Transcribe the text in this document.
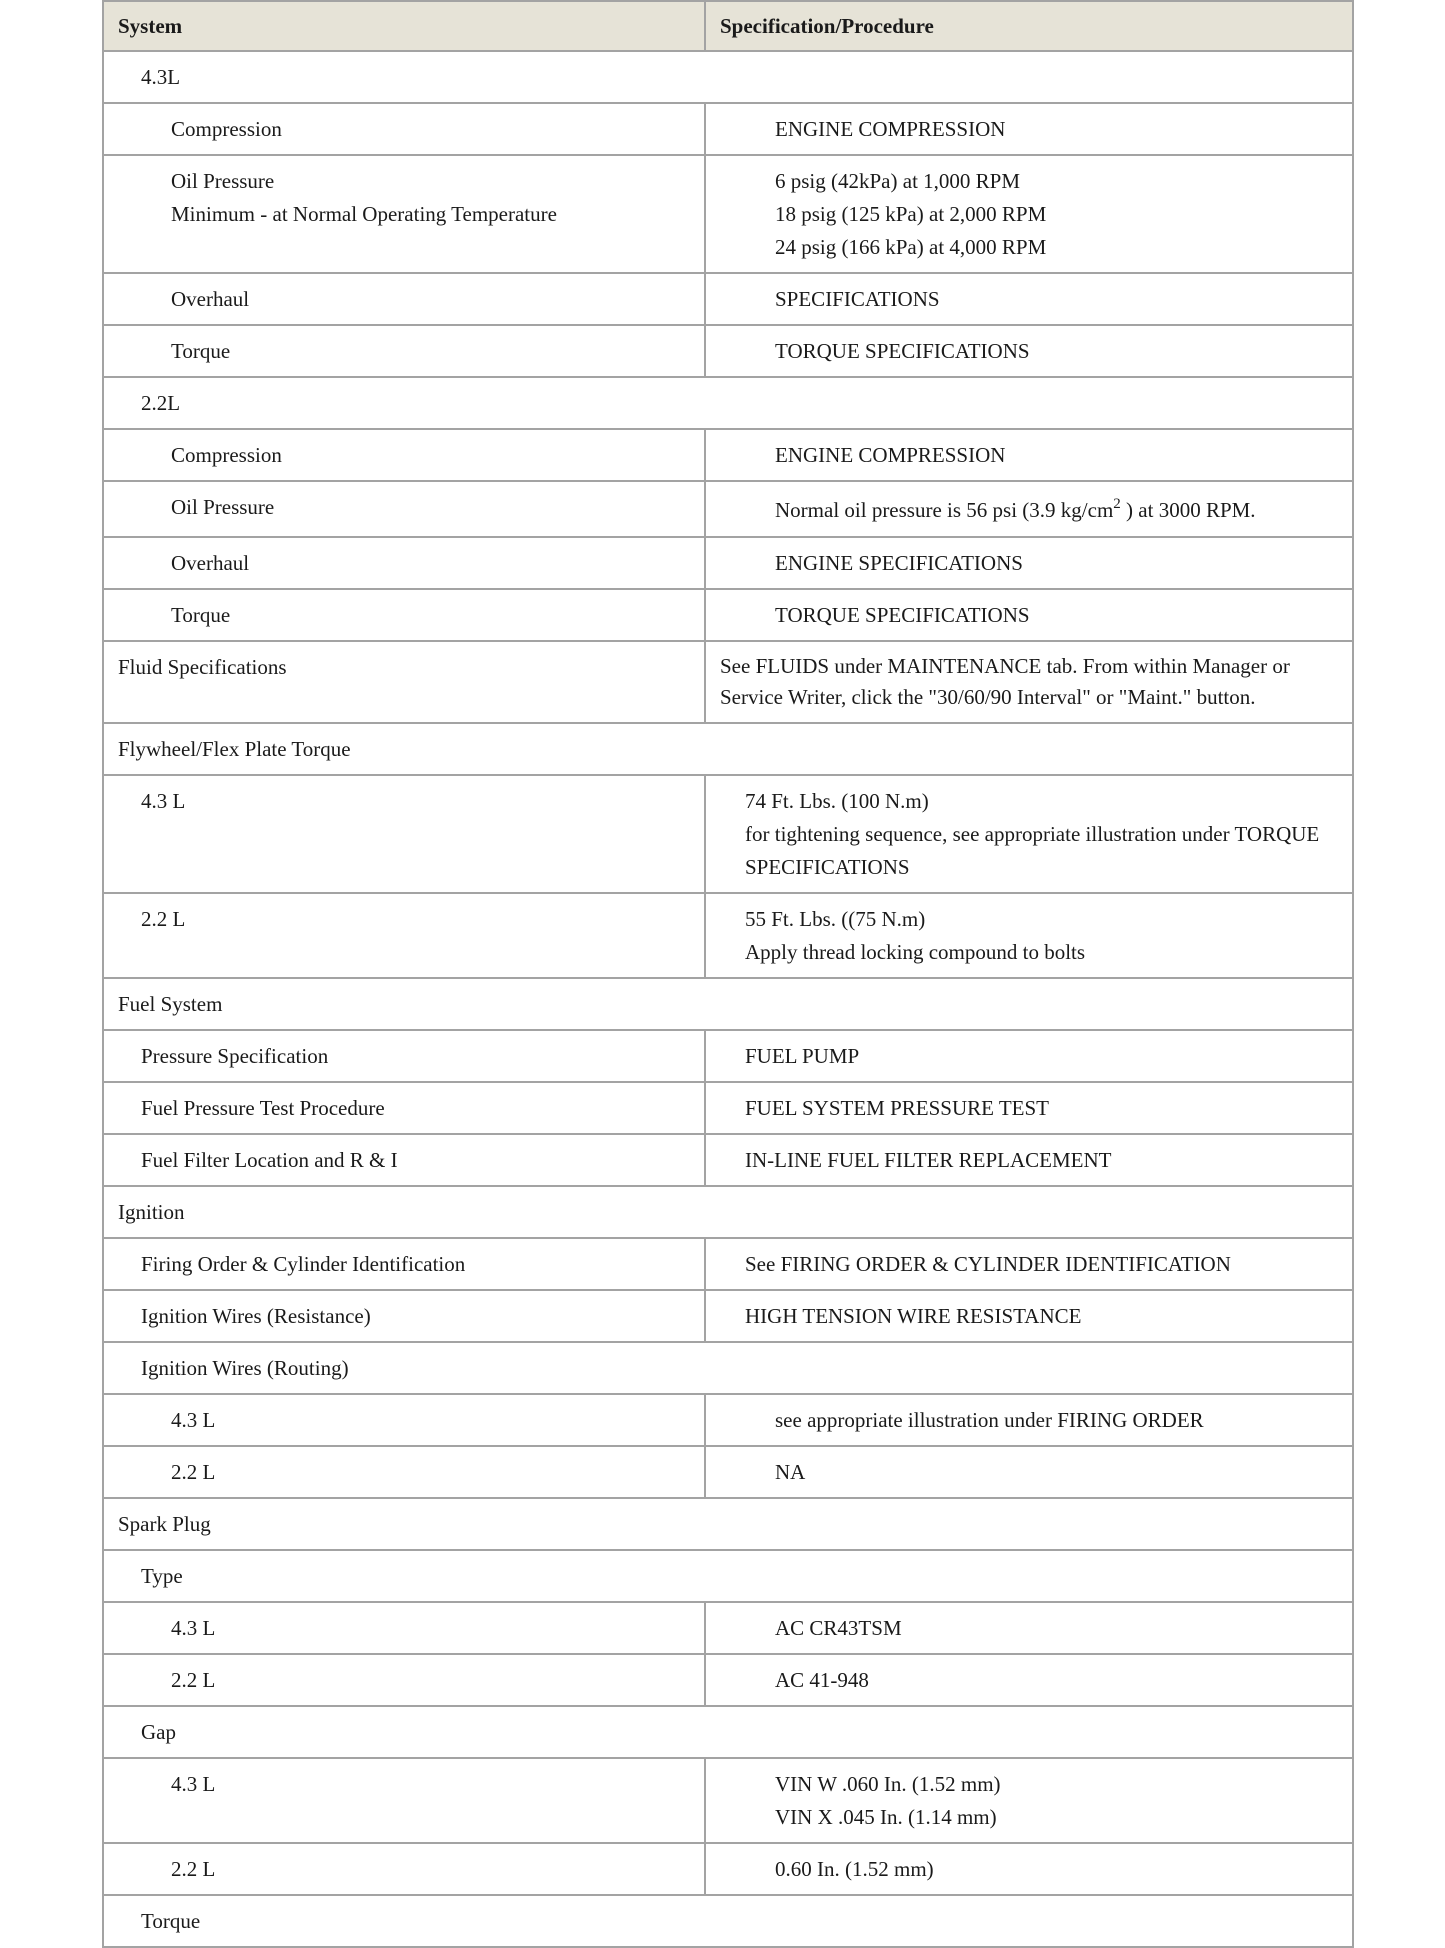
System	Specification/Procedure

4.3L	

Compression	ENGINE COMPRESSION

Oil Pressure
Minimum - at Normal Operating Temperature	6 psig (42kPa) at 1,000 RPM
18 psig (125 kPa) at 2,000 RPM
24 psig (166 kPa) at 4,000 RPM

Overhaul	SPECIFICATIONS

Torque	TORQUE SPECIFICATIONS

2.2L	

Compression	ENGINE COMPRESSION

Oil Pressure	Normal oil pressure is 56 psi (3.9 $kg/cm^2$ ) at 3000 RPM.

Overhaul	ENGINE SPECIFICATIONS

Torque	TORQUE SPECIFICATIONS

Fluid Specifications	See FLUIDS under MAINTENANCE tab. From within Manager or
Service Writer, click the "30/60/90 Interval" or "Maint." button.

Flywheel/Flex Plate Torque	

4.3 L	74 Ft. Lbs. (100 N.m)
for tightening sequence, see appropriate illustration under TORQUE
SPECIFICATIONS

2.2 L	55 Ft. Lbs. ((75 N.m)
Apply thread locking compound to bolts

Fuel System	

Pressure Specification	FUEL PUMP

Fuel Pressure Test Procedure	FUEL SYSTEM PRESSURE TEST

Fuel Filter Location and R & I	IN-LINE FUEL FILTER REPLACEMENT

Ignition	

Firing Order & Cylinder Identification	See FIRING ORDER & CYLINDER IDENTIFICATION

Ignition Wires (Resistance)	HIGH TENSION WIRE RESISTANCE

Ignition Wires (Routing)	

4.3 L	see appropriate illustration under FIRING ORDER

2.2 L	NA

Spark Plug	

Type	

4.3 L	AC CR43TSM

2.2 L	AC 41-948

Gap	

4.3 L	VIN W .060 In. (1.52 mm)
VIN X .045 In. (1.14 mm)

2.2 L	0.60 In. (1.52 mm)

Torque	
